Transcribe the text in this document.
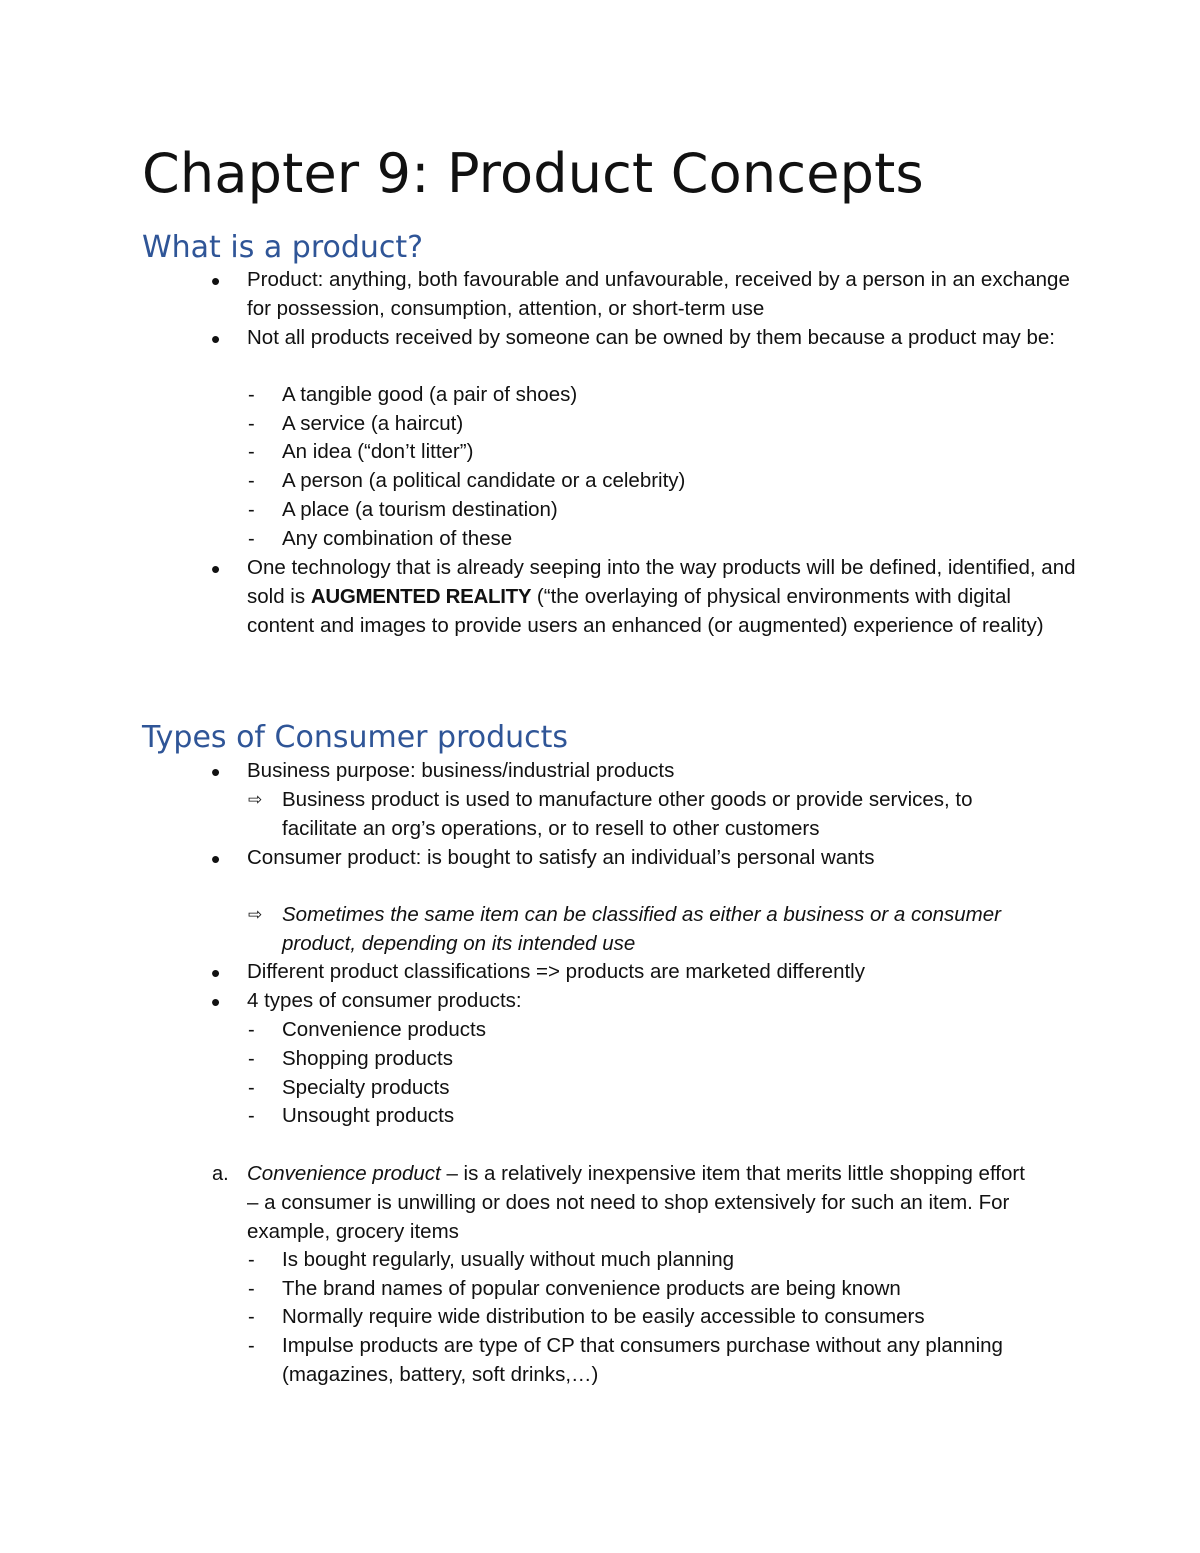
Chapter 9: Product Concepts
What is a product?
• Product: anything, both favourable and unfavourable, received by a person in an exchange for possession, consumption, attention, or short-term use
• Not all products received by someone can be owned by them because a product may be:
- A tangible good (a pair of shoes)
- A service (a haircut)
- An idea (“don’t litter”)
- A person (a political candidate or a celebrity)
- A place (a tourism destination)
- Any combination of these
• One technology that is already seeping into the way products will be defined, identified, and sold is AUGMENTED REALITY (“the overlaying of physical environments with digital content and images to provide users an enhanced (or augmented) experience of reality)
Types of Consumer products
• Business purpose: business/industrial products
⇨ Business product is used to manufacture other goods or provide services, to facilitate an org’s operations, or to resell to other customers
• Consumer product: is bought to satisfy an individual’s personal wants
⇨ Sometimes the same item can be classified as either a business or a consumer product, depending on its intended use
• Different product classifications => products are marketed differently
• 4 types of consumer products:
- Convenience products
- Shopping products
- Specialty products
- Unsought products
a. Convenience product – is a relatively inexpensive item that merits little shopping effort – a consumer is unwilling or does not need to shop extensively for such an item. For example, grocery items
- Is bought regularly, usually without much planning
- The brand names of popular convenience products are being known
- Normally require wide distribution to be easily accessible to consumers
- Impulse products are type of CP that consumers purchase without any planning (magazines, battery, soft drinks,…)
